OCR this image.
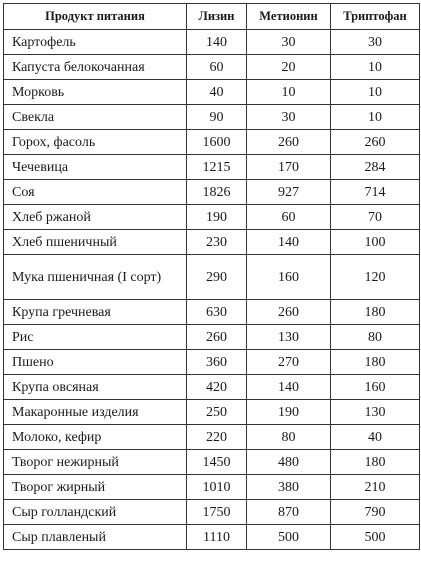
Продукт питания	Лизин	Метионин	Триптофан
Картофель	140	30	30
Капуста белокочанная	60	20	10
Морковь	40	10	10
Свекла	90	30	10
Горох, фасоль	1600	260	260
Чечевица	1215	170	284
Соя	1826	927	714
Хлеб ржаной	190	60	70
Хлеб пшеничный	230	140	100
Мука пшеничная (I сорт)	290	160	120
Крупа гречневая	630	260	180
Рис	260	130	80
Пшено	360	270	180
Крупа овсяная	420	140	160
Макаронные изделия	250	190	130
Молоко, кефир	220	80	40
Творог нежирный	1450	480	180
Творог жирный	1010	380	210
Сыр голландский	1750	870	790
Сыр плавленый	1110	500	500
